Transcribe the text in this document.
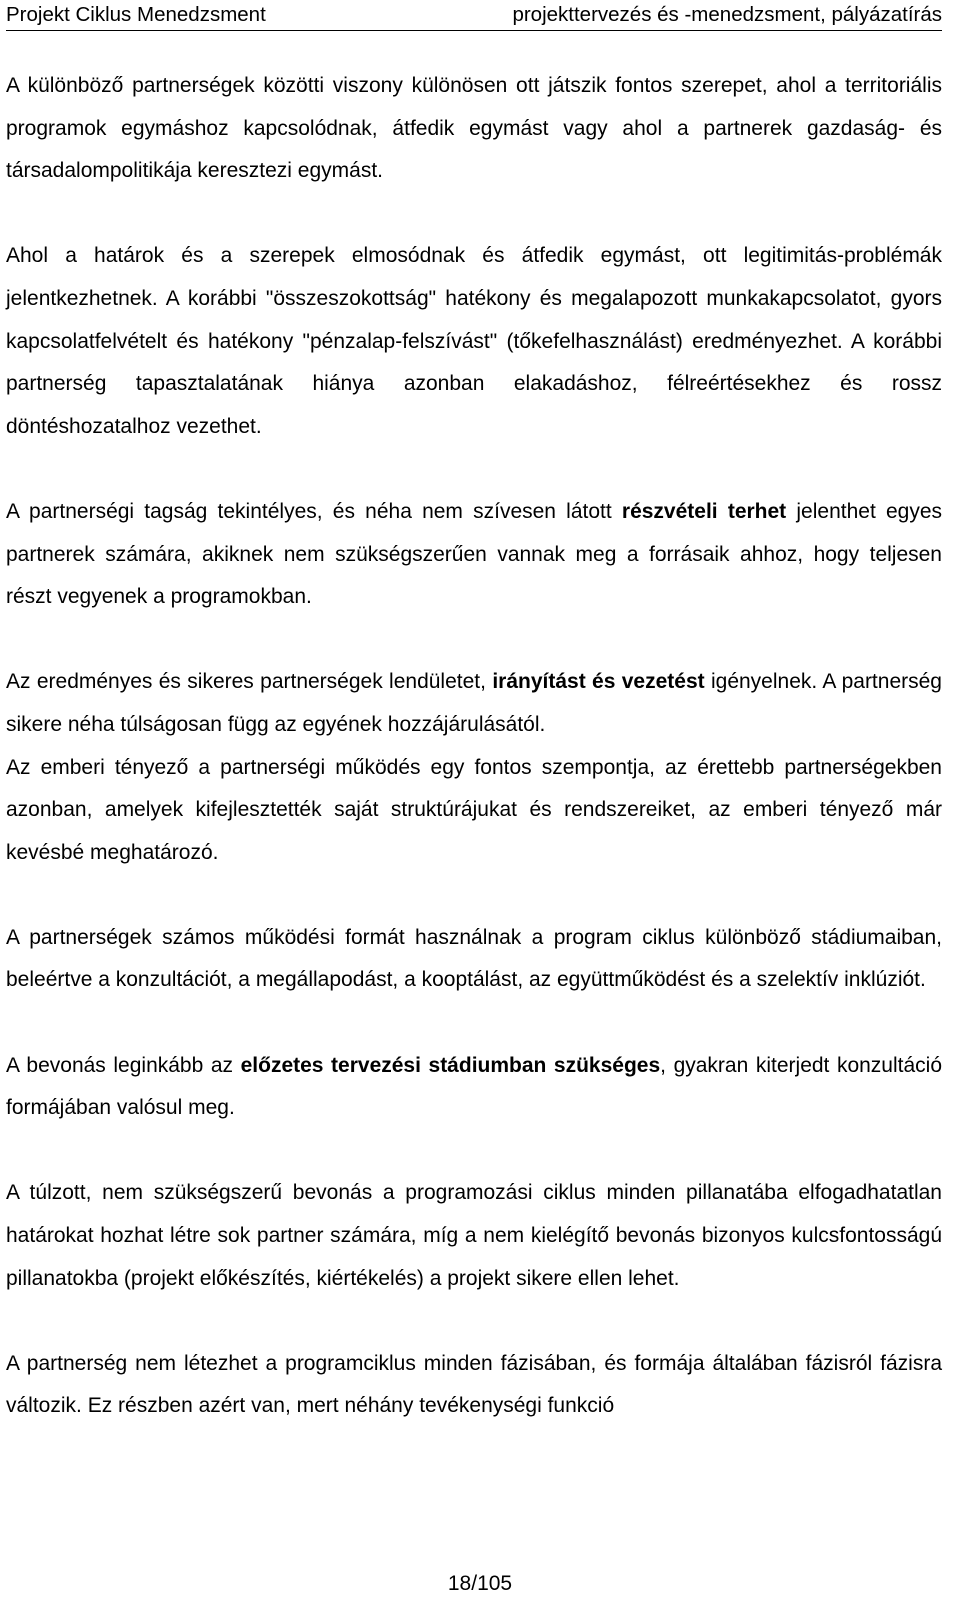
Projekt Ciklus Menedzsment	projekttervezés és -menedzsment, pályázatírás

A különböző partnerségek közötti viszony különösen ott játszik fontos szerepet, ahol a territoriális programok egymáshoz kapcsolódnak, átfedik egymást vagy ahol a partnerek gazdaság- és társadalompolitikája keresztezi egymást.

Ahol a határok és a szerepek elmosódnak és átfedik egymást, ott legitimitás-problémák jelentkezhetnek. A korábbi "összeszokottság" hatékony és megalapozott munkakapcsolatot, gyors kapcsolatfelvételt és hatékony "pénzalap-felszívást" (tőkefelhasználást) eredményezhet. A korábbi partnerség tapasztalatának hiánya azonban elakadáshoz, félreértésekhez és rossz döntéshozatalhoz vezethet.

A partnerségi tagság tekintélyes, és néha nem szívesen látott részvételi terhet jelenthet egyes partnerek számára, akiknek nem szükségszerűen vannak meg a forrásaik ahhoz, hogy teljesen részt vegyenek a programokban.

Az eredményes és sikeres partnerségek lendületet, irányítást és vezetést igényelnek. A partnerség sikere néha túlságosan függ az egyének hozzájárulásától.

Az emberi tényező a partnerségi működés egy fontos szempontja, az érettebb partnerségekben azonban, amelyek kifejlesztették saját struktúrájukat és rendszereiket, az emberi tényező már kevésbé meghatározó.

A partnerségek számos működési formát használnak a program ciklus különböző stádiumaiban, beleértve a konzultációt, a megállapodást, a kooptálást, az együttműködést és a szelektív inklúziót.

A bevonás leginkább az előzetes tervezési stádiumban szükséges, gyakran kiterjedt konzultáció formájában valósul meg.

A túlzott, nem szükségszerű bevonás a programozási ciklus minden pillanatába elfogadhatatlan határokat hozhat létre sok partner számára, míg a nem kielégítő bevonás bizonyos kulcsfontosságú pillanatokba (projekt előkészítés, kiértékelés) a projekt sikere ellen lehet.

A partnerség nem létezhet a programciklus minden fázisában, és formája általában fázisról fázisra változik. Ez részben azért van, mert néhány tevékenységi funkció

18/105
